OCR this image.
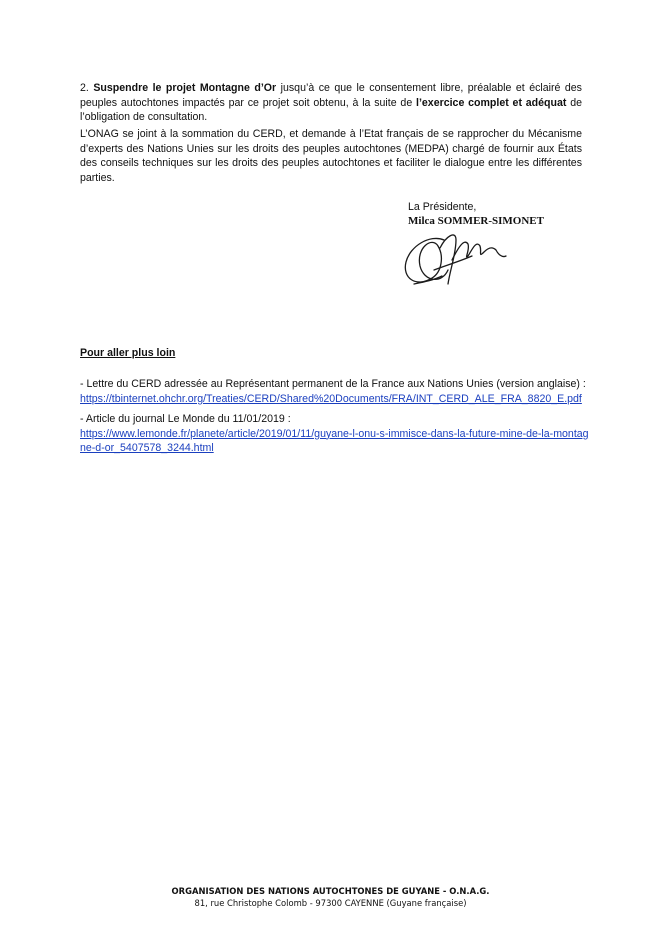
2. Suspendre le projet Montagne d’Or jusqu’à ce que le consentement libre, préalable et éclairé des peuples autochtones impactés par ce projet soit obtenu, à la suite de l’exercice complet et adéquat de l’obligation de consultation.
L’ONAG se joint à la sommation du CERD, et demande à l’Etat français de se rapprocher du Mécanisme d’experts des Nations Unies sur les droits des peuples autochtones (MEDPA) chargé de fournir aux États des conseils techniques sur les droits des peuples autochtones et faciliter le dialogue entre les différentes parties.
La Présidente,
Milca SOMMER-SIMONET
Pour aller plus loin
- Lettre du CERD adressée au Représentant permanent de la France aux Nations Unies (version anglaise) :
https://tbinternet.ohchr.org/Treaties/CERD/Shared%20Documents/FRA/INT_CERD_ALE_FRA_8820_E.pdf
- Article du journal Le Monde du 11/01/2019 :
https://www.lemonde.fr/planete/article/2019/01/11/guyane-l-onu-s-immisce-dans-la-future-mine-de-la-montagne-d-or_5407578_3244.html
ORGANISATION DES NATIONS AUTOCHTONES DE GUYANE - O.N.A.G.
81, rue Christophe Colomb - 97300 CAYENNE (Guyane française)
